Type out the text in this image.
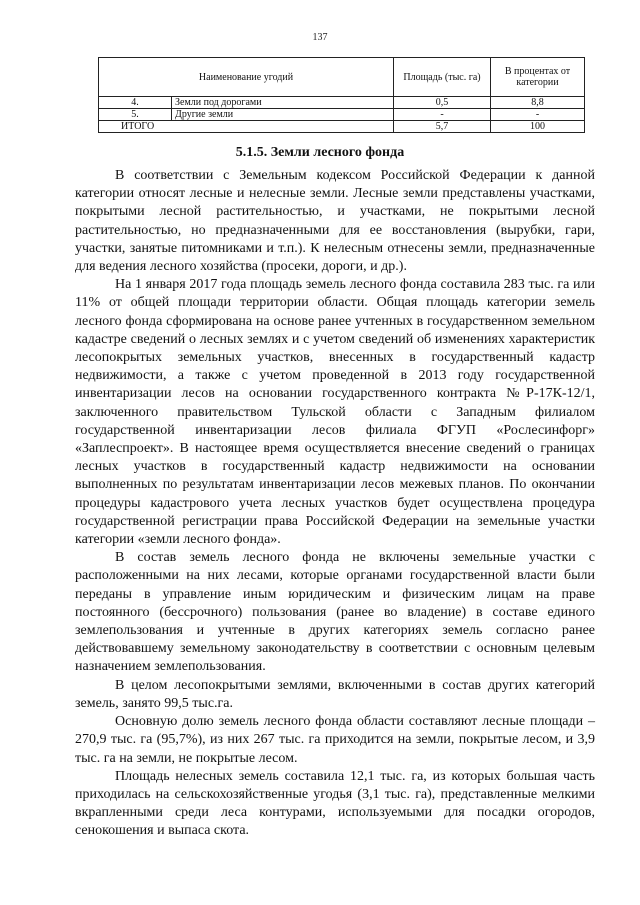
137
Наименование угодий		Площадь (тыс. га)	В процентах от категории
4.	Земли под дорогами	0,5	8,8
5.	Другие земли	-	-
ИТОГО		5,7	100
5.1.5. Земли лесного фонда

В соответствии с Земельным кодексом Российской Федерации к данной категории относят лесные и нелесные земли. Лесные земли представлены участками, покрытыми лесной растительностью, и участками, не покрытыми лесной растительностью, но предназначенными для ее восстановления (вырубки, гари, участки, занятые питомниками и т.п.). К нелесным отнесены земли, предназначенные для ведения лесного хозяйства (просеки, дороги, и др.).

На 1 января 2017 года площадь земель лесного фонда составила 283 тыс. га или 11% от общей площади территории области. Общая площадь категории земель лесного фонда сформирована на основе ранее учтенных в государственном земельном кадастре сведений о лесных землях и с учетом сведений об изменениях характеристик лесопокрытых земельных участков, внесенных в государственный кадастр недвижимости, а также с учетом проведенной в 2013 году государственной инвентаризации лесов на основании государственного контракта №Р-17К-12/1, заключенного правительством Тульской области с Западным филиалом государственной инвентаризации лесов филиала ФГУП «Рослесинфорг» «Заплеспроект». В настоящее время осуществляется внесение сведений о границах лесных участков в государственный кадастр недвижимости на основании выполненных по результатам инвентаризации лесов межевых планов. По окончании процедуры кадастрового учета лесных участков будет осуществлена процедура государственной регистрации права Российской Федерации на земельные участки категории «земли лесного фонда».

В состав земель лесного фонда не включены земельные участки с расположенными на них лесами, которые органами государственной власти были переданы в управление иным юридическим и физическим лицам на праве постоянного (бессрочного) пользования (ранее во владение) в составе единого землепользования и учтенные в других категориях земель согласно ранее действовавшему земельному законодательству в соответствии с основным целевым назначением землепользования.

В целом лесопокрытыми землями, включенными в состав других категорий земель, занято 99,5 тыс.га.

Основную долю земель лесного фонда области составляют лесные площади – 270,9 тыс. га (95,7%), из них 267 тыс. га приходится на земли, покрытые лесом, и 3,9 тыс. га на земли, не покрытые лесом.

Площадь нелесных земель составила 12,1 тыс. га, из которых большая часть приходилась на сельскохозяйственные угодья (3,1 тыс. га), представленные мелкими вкрапленными среди леса контурами, используемыми для посадки огородов, сенокошения и выпаса скота.
